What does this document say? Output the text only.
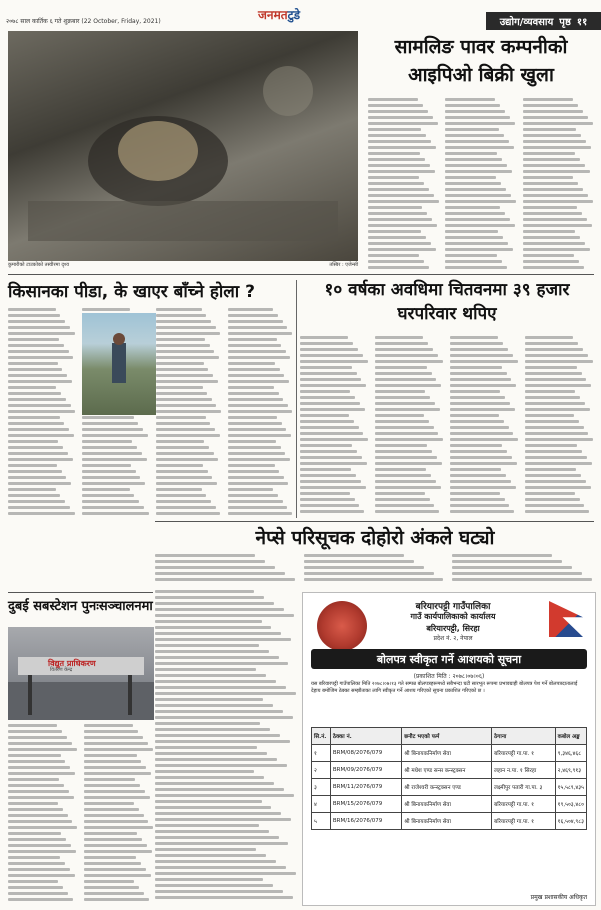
२०७८ साल कार्तिक ६ गते शुक्रबार (22 October, Friday, 2021)	जनमतटुडे
उद्योग/व्यवसाय पृष्ठ ११
कुमारीको टाउकोको तस्वीरमा दृश्य	तस्बिर : एजेन्सी
सामलिङ पावर कम्पनीको आइपिओ बिक्री खुला
किसानका पीडा, के खाएर बाँच्ने होला ?	१० वर्षका अवधिमा चितवनमा ३९ हजार घरपरिवार थपिए
नेप्से परिसूचक दोहोरो अंकले घट्यो
दुबई सबस्टेशन पुनःसञ्चालनमा
विद्युत प्राधिकरण
वितरण केन्द्र
बरियारपट्टी गाउँपालिका
गाउँ कार्यपालिकाको कार्यालय
बरियारपट्टी, सिरहा
प्रदेश नं. २, नेपाल
बोलपत्र स्वीकृत गर्ने आशयको सूचना
(प्रकाशित मिति : २०७८।०७।०६)
यस बरियारपट्टी गाउँपालिका मिति २०७८।०७।१३ गते सम्पन्न बोलपत्रहरूमध्ये सबैभन्दा घटी सारभूत रूपमा प्रभावग्राही बोलपत्र पेश गर्ने बोलपत्रदातालाई देहाय बमोजिम ठेक्का सम्झौताका लागि स्वीकृत गर्ने आशय गरिएको सूचना प्रकाशित गरिएको छ ।
सि.नं.	ठेक्का नं.	छनौट भएको फर्म	ठेगाना	कबोल अङ्क
१	BRM/08/2076/079	श्री बिनायकनिर्माण सेवा	बरियारपट्टी गा.पा. १	९,३४६,४६८
२	BRM/09/2076/079	श्री मधेश एण्ड सन्स कन्स्ट्रक्सन	लहान न.पा. १ सिरहा	२,४६९,९१३
३	BRM/11/2076/079	श्री राजेश्वरी कन्स्ट्रक्सन एण्ड	लक्ष्मीपुर पतारी गा.पा. ३	१५,५८९,४३५
४	BRM/15/2076/079	श्री बिनायकनिर्माण सेवा	बरियारपट्टी गा.पा. १	१९,५०३,४८०
५	BRM/16/2076/079	श्री बिनायकनिर्माण सेवा	बरियारपट्टी गा.पा. १	१६,५०४,९८३
प्रमुख प्रशासकीय अधिकृत
